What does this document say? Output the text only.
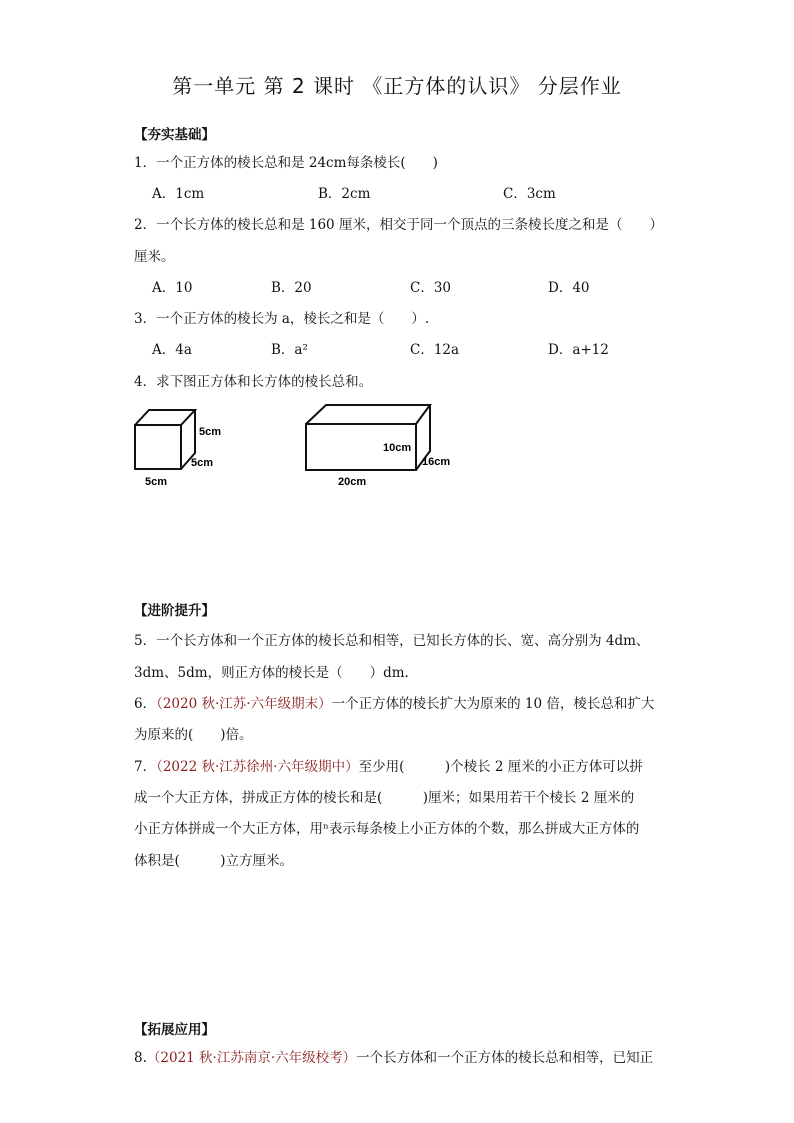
第一单元 第 2 课时 《正方体的认识》 分层作业
【夯实基础】
1．一个正方体的棱长总和是 24cm每条棱长(　　)
A．1cm	B．2cm	C．3cm
2．一个长方体的棱长总和是 160 厘米，相交于同一个顶点的三条棱长度之和是（　　）
厘米。
A．10	B．20	C．30	D．40
3．一个正方体的棱长为 a，棱长之和是（　　）.
A．4a	B．a²	C．12a	D．a+12
4．求下图正方体和长方体的棱长总和。
5cm
5cm
5cm
10cm
16cm
20cm
【进阶提升】
5．一个长方体和一个正方体的棱长总和相等，已知长方体的长、宽、高分别为 4dm、
3dm、5dm，则正方体的棱长是（　　）dm.
6．（2020 秋·江苏·六年级期末）一个正方体的棱长扩大为原来的 10 倍，棱长总和扩大
为原来的(　　)倍。
7．（2022 秋·江苏徐州·六年级期中）至少用(　　　)个棱长 2 厘米的小正方体可以拼
成一个大正方体，拼成正方体的棱长和是(　　　)厘米；如果用若干个棱长 2 厘米的
小正方体拼成一个大正方体，用ⁿ表示每条棱上小正方体的个数，那么拼成大正方体的
体积是(　　　)立方厘米。
【拓展应用】
8.（2021 秋·江苏南京·六年级校考）一个长方体和一个正方体的棱长总和相等，已知正
